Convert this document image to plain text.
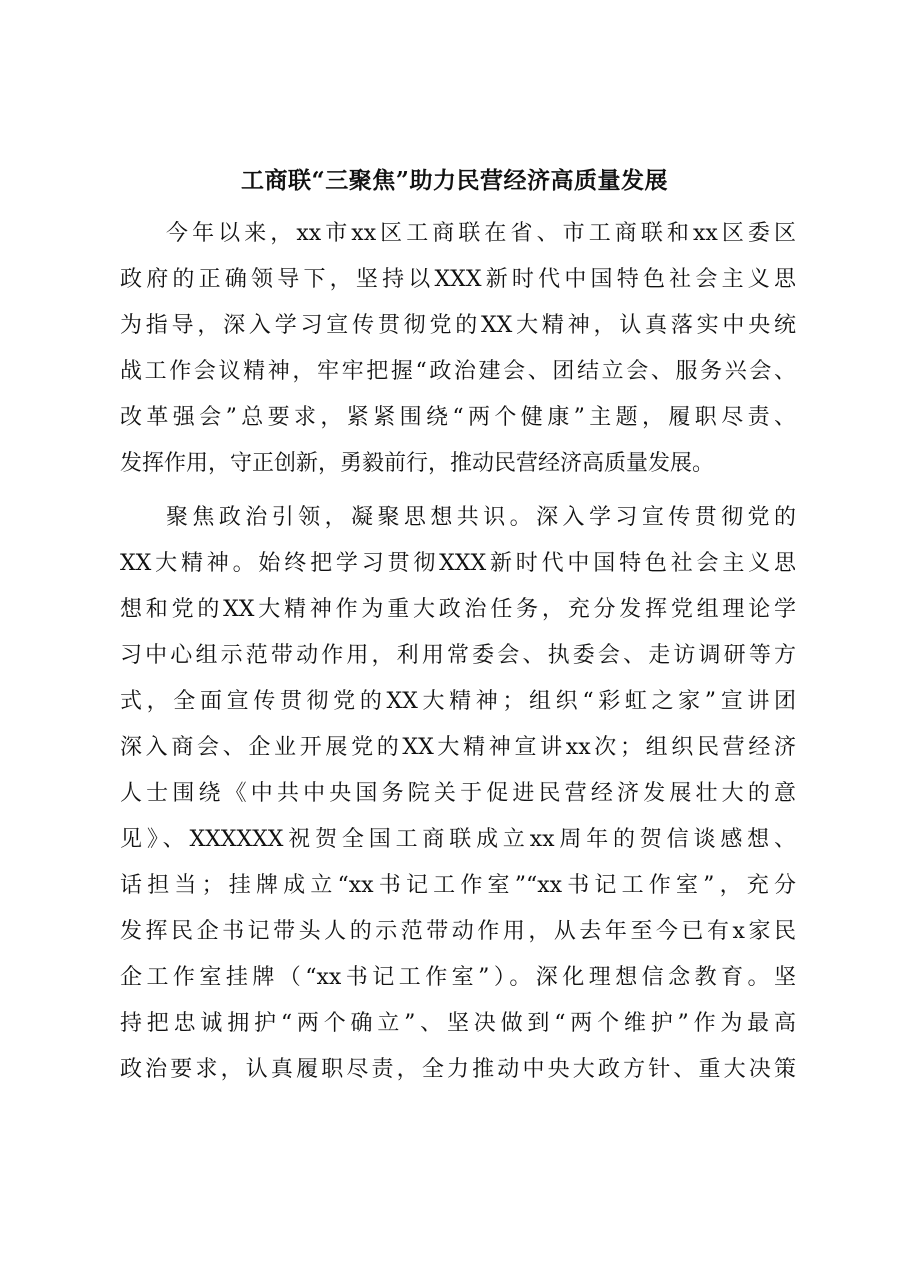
工商联“三聚焦”助力民营经济高质量发展
今年以来，xx市xx区工商联在省、市工商联和xx区委区
政府的正确领导下，坚持以XXX新时代中国特色社会主义思
为指导，深入学习宣传贯彻党的XX大精神，认真落实中央统
战工作会议精神，牢牢把握“政治建会、团结立会、服务兴会、
改革强会”总要求，紧紧围绕“两个健康”主题，履职尽责、
发挥作用，守正创新，勇毅前行，推动民营经济高质量发展。
聚焦政治引领，凝聚思想共识。深入学习宣传贯彻党的
XX大精神。始终把学习贯彻XXX新时代中国特色社会主义思
想和党的XX大精神作为重大政治任务，充分发挥党组理论学
习中心组示范带动作用，利用常委会、执委会、走访调研等方
式，全面宣传贯彻党的XX大精神；组织“彩虹之家”宣讲团
深入商会、企业开展党的XX大精神宣讲xx次；组织民营经济
人士围绕《中共中央国务院关于促进民营经济发展壮大的意
见》、XXXXXX祝贺全国工商联成立xx周年的贺信谈感想、
话担当；挂牌成立“xx书记工作室”“xx书记工作室”，充分
发挥民企书记带头人的示范带动作用，从去年至今已有x家民
企工作室挂牌（“xx书记工作室”）。深化理想信念教育。坚
持把忠诚拥护“两个确立”、坚决做到“两个维护”作为最高
政治要求，认真履职尽责，全力推动中央大政方针、重大决策
